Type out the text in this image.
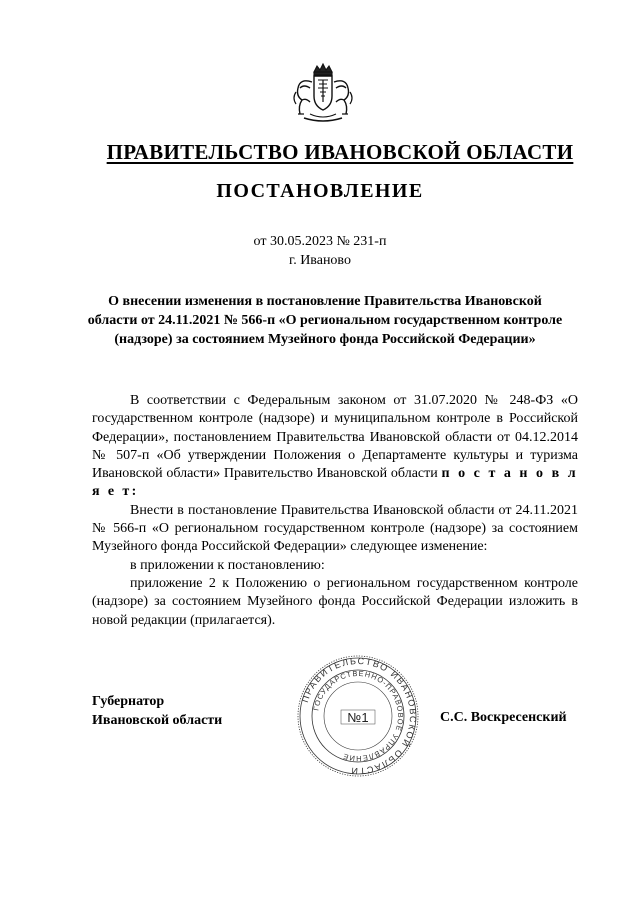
ПРАВИТЕЛЬСТВО ИВАНОВСКОЙ ОБЛАСТИ
ПОСТАНОВЛЕНИЕ
от 30.05.2023 № 231-п
г. Иваново
О внесении изменения в постановление Правительства Ивановской области от 24.11.2021 № 566-п «О региональном государственном контроле (надзоре) за состоянием Музейного фонда Российской Федерации»

В соответствии с Федеральным законом от 31.07.2020 № 248-ФЗ «О государственном контроле (надзоре) и муниципальном контроле в Российской Федерации», постановлением Правительства Ивановской области от 04.12.2014 № 507-п «Об утверждении Положения о Департаменте культуры и туризма Ивановской области» Правительство Ивановской области п о с т а н о в л я е т:

Внести в постановление Правительства Ивановской области от 24.11.2021 № 566-п «О региональном государственном контроле (надзоре) за состоянием Музейного фонда Российской Федерации» следующее изменение:

в приложении к постановлению:

приложение 2 к Положению о региональном государственном контроле (надзоре) за состоянием Музейного фонда Российской Федерации изложить в новой редакции (прилагается).

Губернатор
Ивановской области	С.С. Воскресенский
ПРАВИТЕЛЬСТВО ИВАНОВСКОЙ ОБЛАСТИ
ГОСУДАРСТВЕННО-ПРАВОВОЕ УПРАВЛЕНИЕ
№1
